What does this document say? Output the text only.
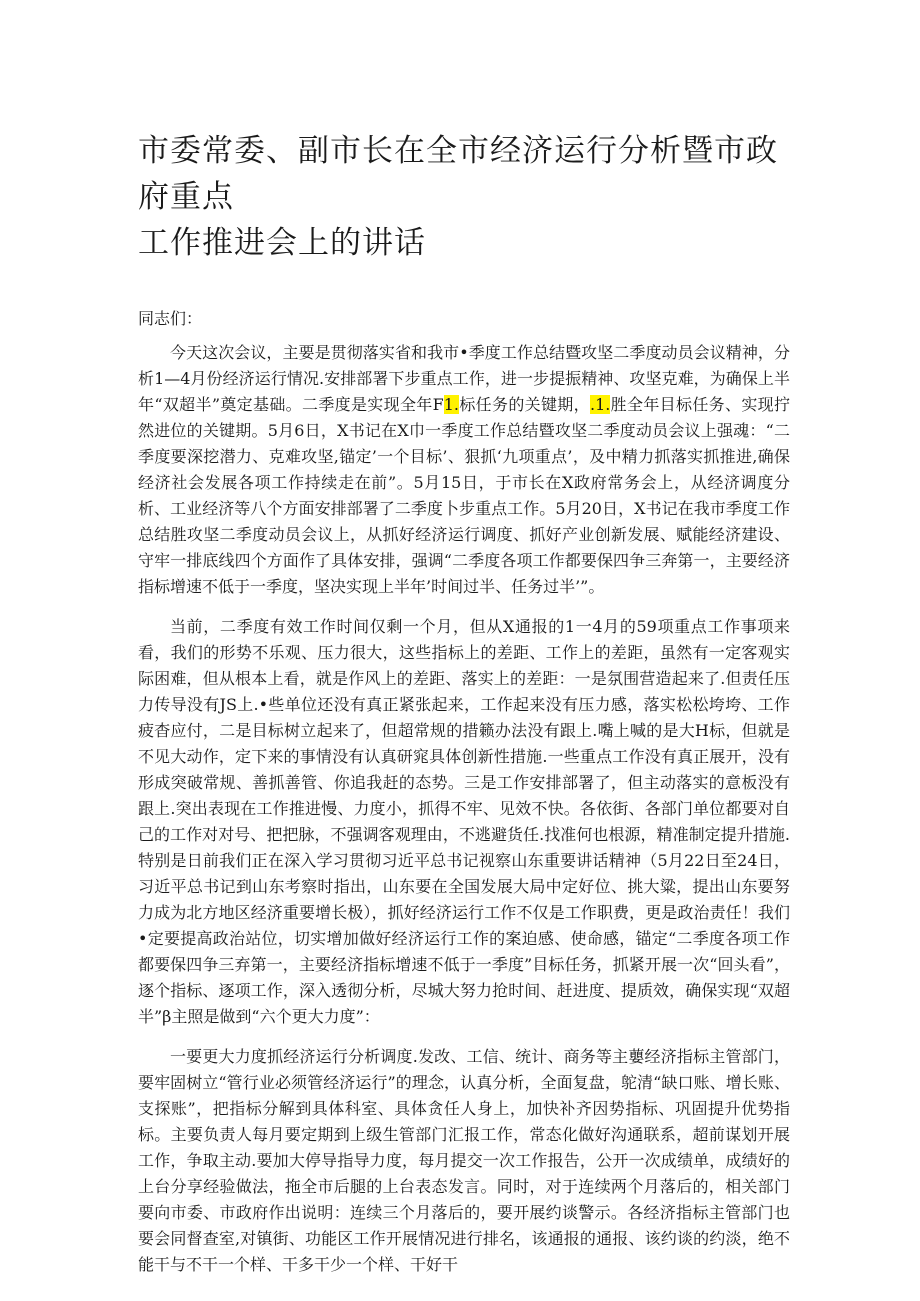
市委常委、副市长在全市经济运行分析暨市政府重点
工作推进会上的讲话

同志们：

今天这次会议，主要是贯彻落实省和我市•季度工作总结暨攻坚二季度动员会议精神，分析1—4月份经济运行情况.安排部署下步重点工作，进一步提振精神、攻坚克难，为确保上半年“双超半”奠定基础。二季度是实现全年F1.标任务的关键期，.1.胜全年目标任务、实现拧然进位的关键期。5月6日，X书记在X巾一季度工作总结暨攻坚二季度动员会议上强魂：“二季度要深挖潜力、克难攻坚,锚定’一个目标’、狠抓‘九项重点’，及中精力抓落实抓推进,确保经济社会发展各项工作持续走在前”。5月15日，于市长在X政府常务会上，从经济调度分析、工业经济等八个方面安排部署了二季度卜步重点工作。5月20日，X书记在我市季度工作总结胜攻坚二季度动员会议上，从抓好经济运行调度、抓好产业创新发展、赋能经济建设、守牢一排底线四个方面作了具体安排，强调“二季度各项工作都要保四争三奔第一，主要经济指标增速不低于一季度，坚决实现上半年’时间过半、任务过半’”。

当前，二季度有效工作时间仅剩一个月，但从X通报的1一4月的59项重点工作事项来看，我们的形势不乐观、压力很大，这些指标上的差距、工作上的差距，虽然有一定客观实际困难，但从根本上看，就是作风上的差距、落实上的差距：一是氛围营造起来了.但责任压力传导没有JS上.•些单位还没有真正紧张起来，工作起来没有压力感，落实松松垮垮、工作疲杳应付，二是目标树立起来了，但超常规的措籁办法没有跟上.嘴上喊的是大H标，但就是不见大动作，定下来的事情没有认真研窕具体创新性措施.一些重点工作没有真正展开，没有形成突破常规、善抓善管、你追我赶的态势。三是工作安排部署了，但主动落实的意板没有跟上.突出表现在工作推进慢、力度小，抓得不牢、见效不快。各依街、各部门单位都要对自己的工作对对号、把把脉，不强调客观理由，不逃避货任.找准何也根源，精准制定提升措施.特别是日前我们正在深入学习贯彻习近平总书记视察山东重要讲话精神（5月22日至24日，习近平总书记到山东考察时指出，山东要在全国发展大局中定好位、挑大粱，提出山东要努力成为北方地区经济重要增长极），抓好经济运行工作不仅是工作职费，更是政治责任！我们•定要提高政治站位，切实增加做好经济运行工作的案迫感、使命感，锚定“二季度各项工作都要保四争三弃第一，主要经济指标增速不低于一季度”目标任务，抓紧开展一次“回头看”，逐个指标、逐项工作，深入透彻分析，尽城大努力抢时间、赶进度、提质效，确保实现“双超半”β主照是做到“六个更大力度”：

一要更大力度抓经济运行分析调度.发改、工信、统计、商务等主蘡经济指标主管部门，要牢固树立“管行业必须管经济运行”的理念，认真分析，全面复盘，鸵清“缺口账、增长账、支探账”，把指标分解到具体科室、具体贪任人身上，加快补齐因势指标、巩固提升优势指标。主要负责人每月要定期到上级生管部门汇报工作，常态化做好沟通联系，超前谋划开展工作，争取主动.要加大停导指导力度，每月提交一次工作报告，公开一次成绩单，成绩好的上台分享经验做法，拖全市后腿的上台表态发言。同时，对于连续两个月落后的，相关部门要向市委、市政府作出说明：连续三个月落后的，要开展约谈警示。各经济指标主管部门也要会同督查室,对镇街、功能区工作开展情况进行排名，该通报的通报、该约谈的约淡，绝不能干与不干一个样、干多干少一个样、干好干
